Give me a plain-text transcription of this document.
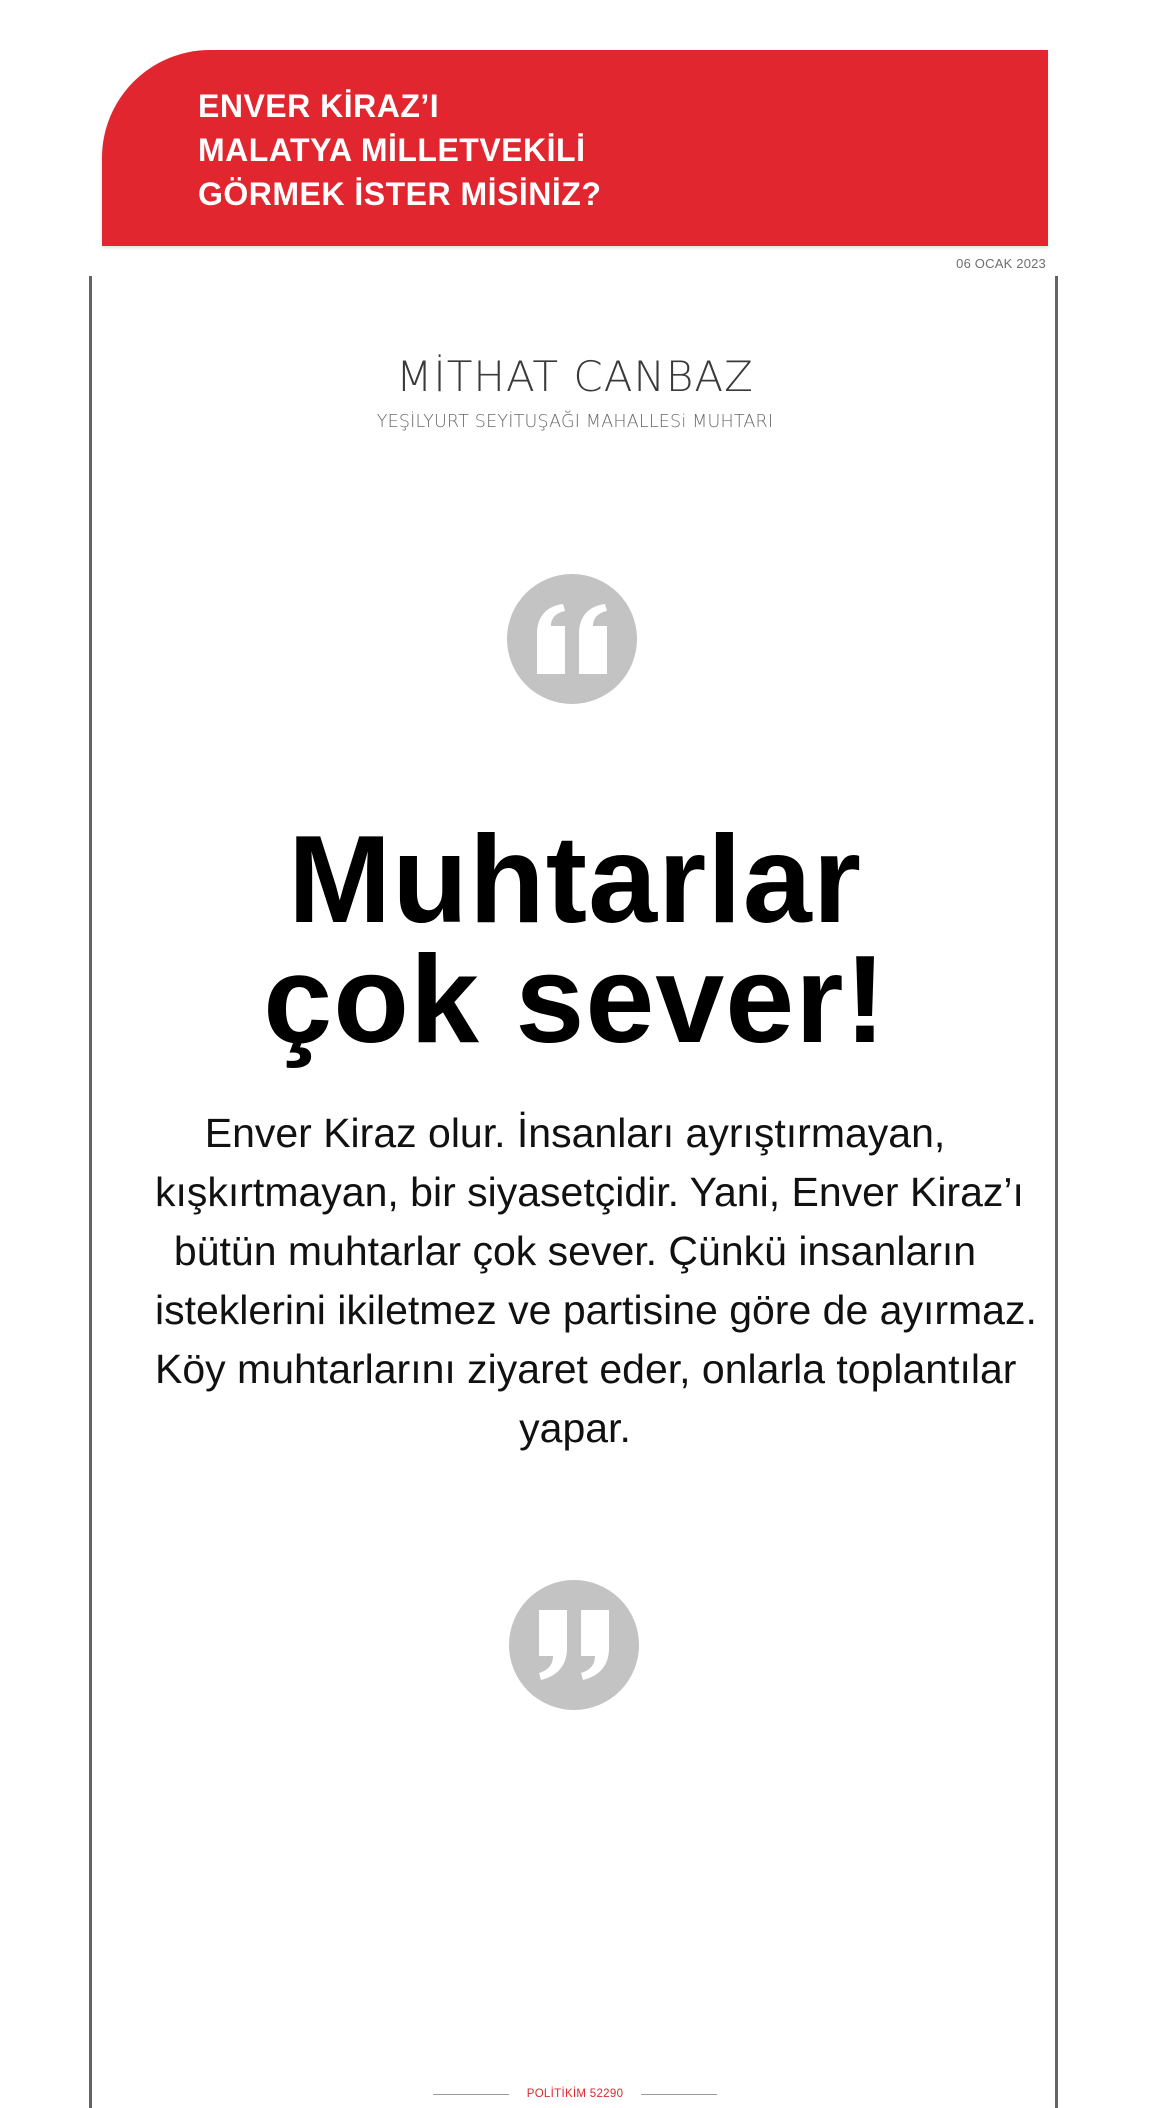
ENVER KİRAZ’I
MALATYA MİLLETVEKİLİ
GÖRMEK İSTER MİSİNİZ?
06 OCAK 2023
MİTHAT CANBAZ
YEŞİLYURT SEYİTUŞAĞI MAHALLESi MUHTARI
Muhtarlar
çok sever!
Enver Kiraz olur. İnsanları ayrıştırmayan,
kışkırtmayan, bir siyasetçidir. Yani, Enver Kiraz’ı
bütün muhtarlar çok sever. Çünkü insanların
isteklerini ikiletmez ve partisine göre de ayırmaz.
Köy muhtarlarını ziyaret eder, onlarla toplantılar
yapar.
POLİTİKİM 52290
